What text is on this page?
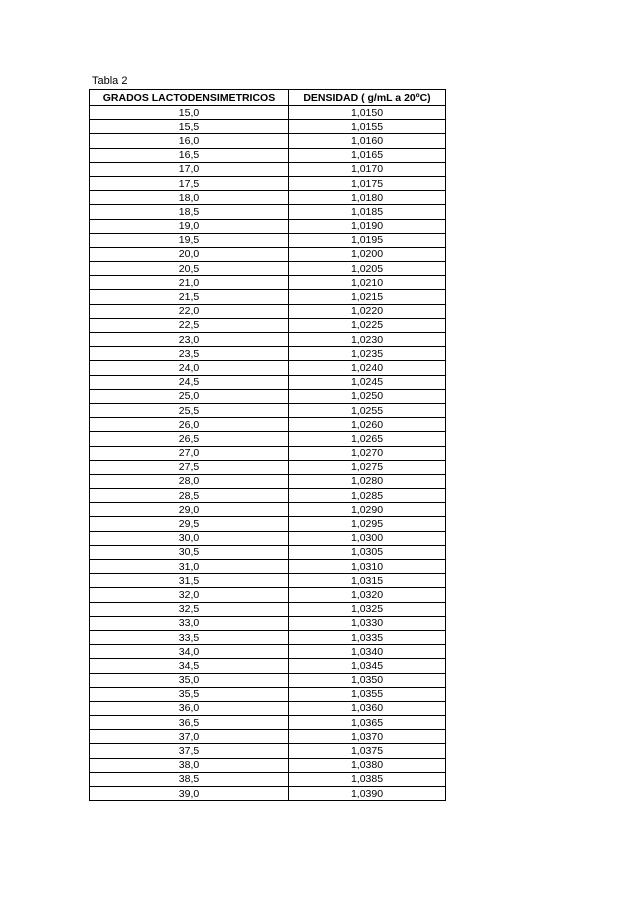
Tabla 2
GRADOS LACTODENSIMETRICOS	DENSIDAD ( g/mL a 20ºC)
15,0	1,0150
15,5	1,0155
16,0	1,0160
16,5	1,0165
17,0	1,0170
17,5	1,0175
18,0	1,0180
18,5	1,0185
19,0	1,0190
19,5	1,0195
20,0	1,0200
20,5	1,0205
21,0	1,0210
21,5	1,0215
22,0	1,0220
22,5	1,0225
23,0	1,0230
23,5	1,0235
24,0	1,0240
24,5	1,0245
25,0	1,0250
25,5	1,0255
26,0	1,0260
26,5	1,0265
27,0	1,0270
27,5	1,0275
28,0	1,0280
28,5	1,0285
29,0	1,0290
29,5	1,0295
30,0	1,0300
30,5	1,0305
31,0	1,0310
31,5	1,0315
32,0	1,0320
32,5	1,0325
33,0	1,0330
33,5	1,0335
34,0	1,0340
34,5	1,0345
35,0	1,0350
35,5	1,0355
36,0	1,0360
36,5	1,0365
37,0	1,0370
37,5	1,0375
38,0	1,0380
38,5	1,0385
39,0	1,0390
